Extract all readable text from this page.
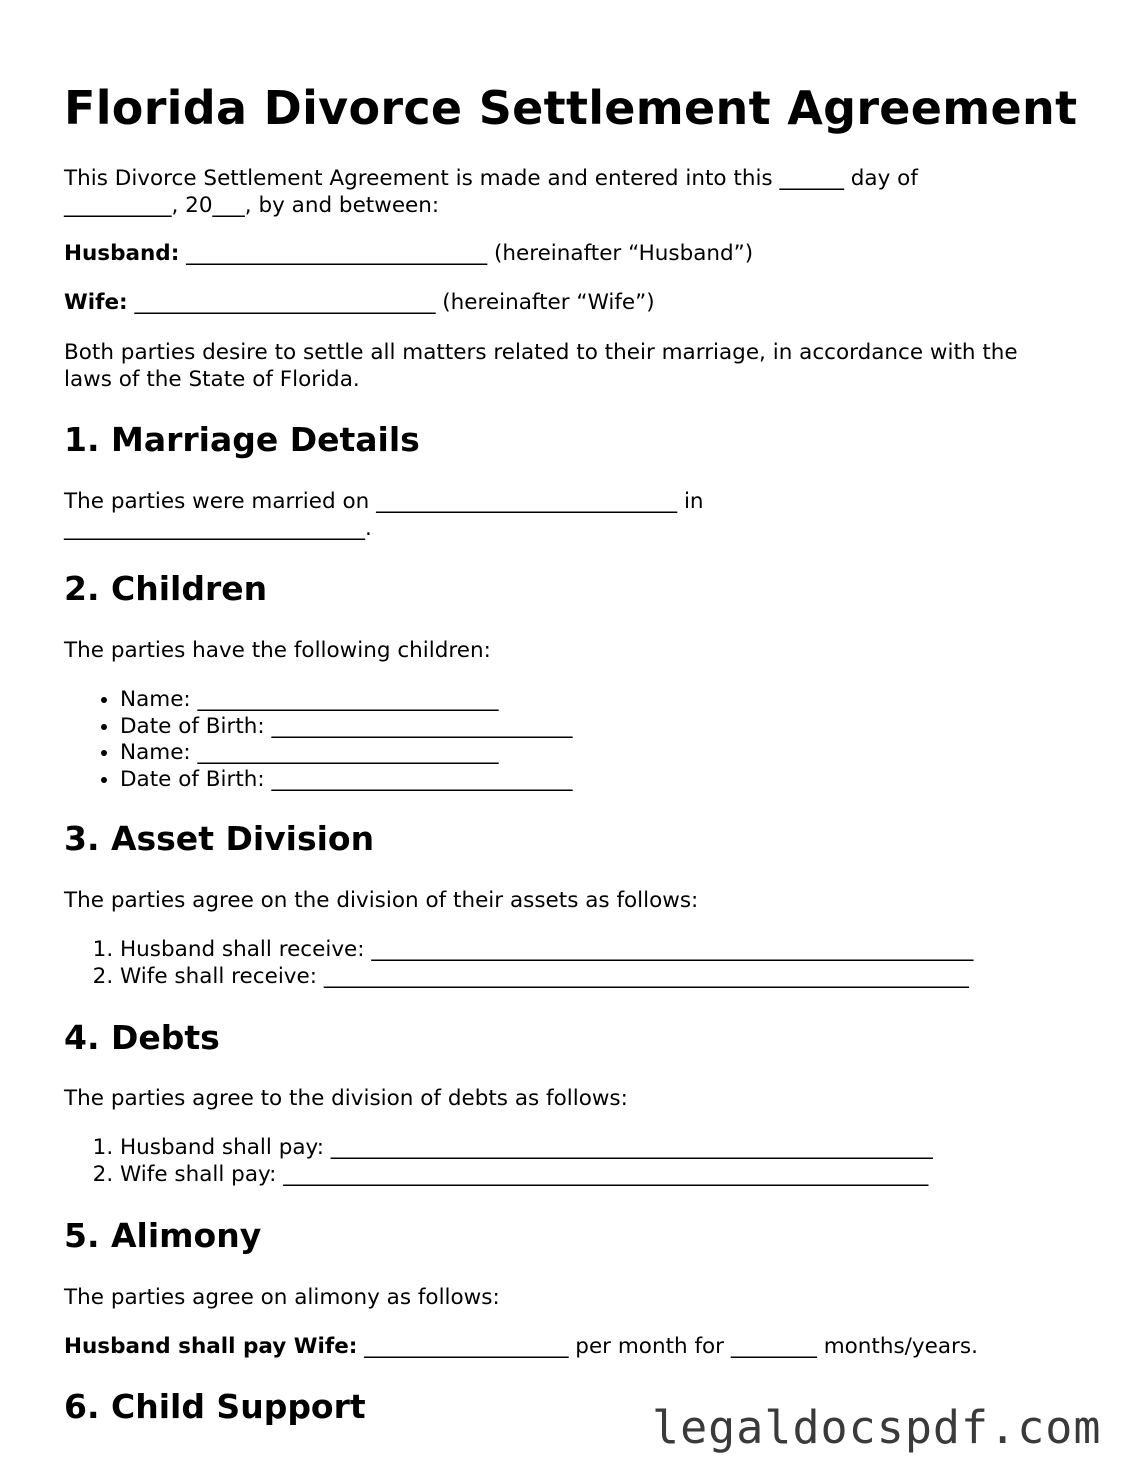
Florida Divorce Settlement Agreement

This Divorce Settlement Agreement is made and entered into this ______ day of
__________, 20___, by and between:

Husband: ____________________________ (hereinafter “Husband”)

Wife: ____________________________ (hereinafter “Wife”)

Both parties desire to settle all matters related to their marriage, in accordance with the
laws of the State of Florida.

1. Marriage Details

The parties were married on ____________________________ in
____________________________.

2. Children

The parties have the following children:

• Name: ____________________________
• Date of Birth: ____________________________
• Name: ____________________________
• Date of Birth: ____________________________
3. Asset Division

The parties agree on the division of their assets as follows:

1. Husband shall receive: ________________________________________________________
2. Wife shall receive: ____________________________________________________________
4. Debts

The parties agree to the division of debts as follows:

1. Husband shall pay: ________________________________________________________
2. Wife shall pay: ____________________________________________________________
5. Alimony

The parties agree on alimony as follows:

Husband shall pay Wife: ___________________ per month for ________ months/years.

6. Child Support	legaldocspdf.com
